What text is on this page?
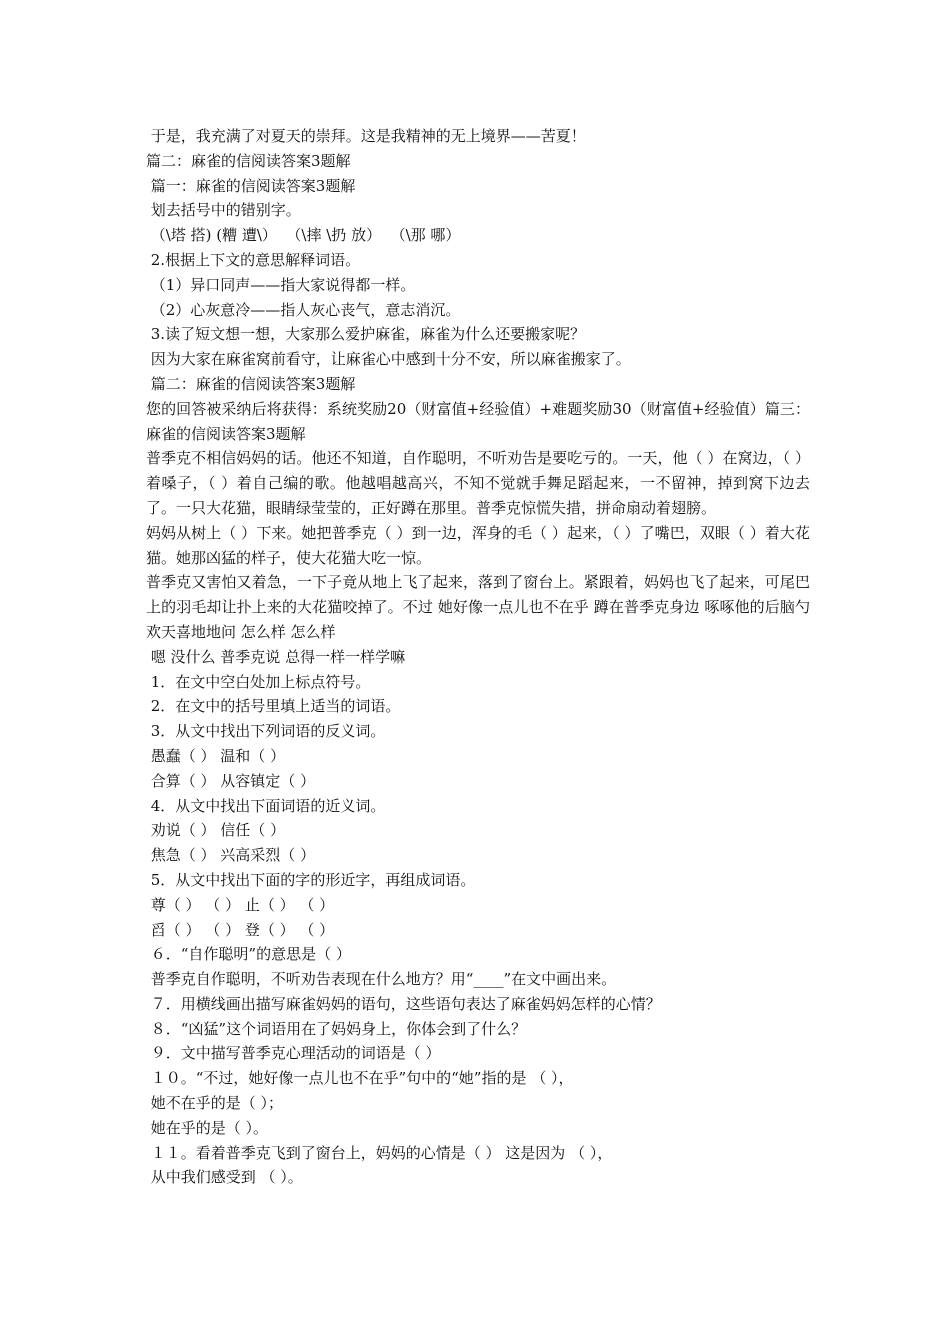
于是，我充满了对夏天的崇拜。这是我精神的无上境界——苦夏！

篇二：麻雀的信阅读答案3题解

篇一：麻雀的信阅读答案3题解

划去括号中的错别字。

（\塔 搭) (糟 遭\）  （\摔 \扔 放）  （\那 哪）

2.根据上下文的意思解释词语。

（1）异口同声——指大家说得都一样。

（2）心灰意冷——指人灰心丧气，意志消沉。

3.读了短文想一想，大家那么爱护麻雀，麻雀为什么还要搬家呢？

因为大家在麻雀窝前看守，让麻雀心中感到十分不安，所以麻雀搬家了。

篇二：麻雀的信阅读答案3题解

您的回答被采纳后将获得：系统奖励20（财富值+经验值）+难题奖励30（财富值+经验值）篇三：麻雀的信阅读答案3题解

普季克不相信妈妈的话。他还不知道，自作聪明，不听劝告是要吃亏的。一天，他（ ）在窝边，（ ）着嗓子，（ ）着自己编的歌。他越唱越高兴，不知不觉就手舞足蹈起来，一不留神，掉到窝下边去了。一只大花猫，眼睛绿莹莹的，正好蹲在那里。普季克惊慌失措，拼命扇动着翅膀。

妈妈从树上（ ）下来。她把普季克（ ）到一边，浑身的毛（ ）起来，（ ）了嘴巴，双眼（ ）着大花猫。她那凶猛的样子，使大花猫大吃一惊。

普季克又害怕又着急，一下子竟从地上飞了起来，落到了窗台上。紧跟着，妈妈也飞了起来，可尾巴上的羽毛却让扑上来的大花猫咬掉了。不过 她好像一点儿也不在乎 蹲在普季克身边 啄啄他的后脑勺 欢天喜地地问 怎么样 怎么样

嗯 没什么 普季克说 总得一样一样学嘛

1．在文中空白处加上标点符号。

2．在文中的括号里填上适当的词语。

3．从文中找出下列词语的反义词。

愚蠢（ ） 温和（ ）

合算（ ） 从容镇定（ ）

4．从文中找出下面词语的近义词。

劝说（ ） 信任（ ）

焦急（ ） 兴高采烈（ ）

5．从文中找出下面的字的形近字，再组成词语。

尊（ ） （ ） 止（ ） （ ）

舀（ ） （ ） 登（ ） （ ）

６．“自作聪明”的意思是（ ）

普季克自作聪明，不听劝告表现在什么地方？用“____”在文中画出来。

７．用横线画出描写麻雀妈妈的语句，这些语句表达了麻雀妈妈怎样的心情？

８．“凶猛”这个词语用在了妈妈身上，你体会到了什么？

９．文中描写普季克心理活动的词语是（ ）

１０。“不过，她好像一点儿也不在乎”句中的“她”指的是 （ ），

她不在乎的是（ ）；

她在乎的是（ ）。

１１。看着普季克飞到了窗台上，妈妈的心情是（ ） 这是因为 （ ），

从中我们感受到 （ ）。
